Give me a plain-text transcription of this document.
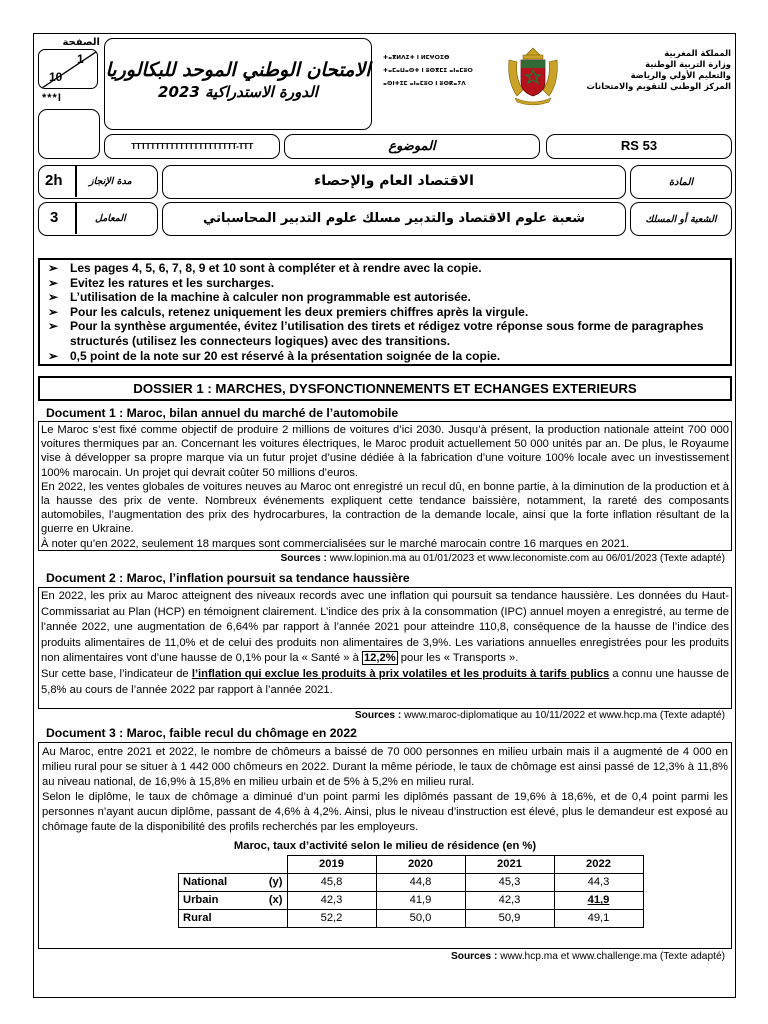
الصفحة
1
10
***I
الامتحان الوطني الموحد للبكالوريا
الدورة الاستدراكية 2023
ⵜⴰⴳⵍⴷⵉⵜ ⵏ ⵍⵎⵖⵔⵉⴱ
ⵜⴰⵎⴰⵡⴰⵙⵜ ⵏ ⵓⵙⴳⵎⵉ ⴰⵏⴰⵎⵓⵔ
ⴰⵙⵏⵜⵉⵎ ⴰⵏⴰⵎⵓⵔ ⵏ ⵓⵙⴽⴰⵢⴷ
المملكة المغربية
وزارة التربية الوطنية
والتعليم الأولي والرياضة
المركز الوطني للتقويم والامتحانات
TTTTTTTTTTTTTTTTTTTTTT-TTT	الموضوع	RS 53
2h	مدة الإنجاز	الاقتصاد العام والإحصاء	المادة
3	المعامل	شعبة علوم الاقتصاد والتدبير مسلك علوم التدبير المحاسباتي	الشعبة أو المسلك
➢ Les pages 4, 5, 6, 7, 8, 9 et 10 sont à compléter et à rendre avec la copie.
➢ Evitez les ratures et les surcharges.
➢ L’utilisation de la machine à calculer non programmable est autorisée.
➢ Pour les calculs, retenez uniquement les deux premiers chiffres après la virgule.
➢ Pour la synthèse argumentée, évitez l’utilisation des tirets et rédigez votre réponse sous forme de paragraphes structurés (utilisez les connecteurs logiques) avec des transitions.
➢ 0,5 point de la note sur 20 est réservé à la présentation soignée de la copie.
DOSSIER 1 : MARCHES, DYSFONCTIONNEMENTS ET ECHANGES EXTERIEURS
Document 1 : Maroc, bilan annuel du marché de l’automobile
Le Maroc s’est fixé comme objectif de produire 2 millions de voitures d’ici 2030. Jusqu’à présent, la production nationale atteint 700 000 voitures thermiques par an. Concernant les voitures électriques, le Maroc produit actuellement 50 000 unités par an. De plus, le Royaume vise à développer sa propre marque via un futur projet d’usine dédiée à la fabrication d’une voiture 100% locale avec un investissement 100% marocain. Un projet qui devrait coûter 50 millions d’euros.
En 2022, les ventes globales de voitures neuves au Maroc ont enregistré un recul dû, en bonne partie, à la diminution de la production et à la hausse des prix de vente. Nombreux événements expliquent cette tendance baissière, notamment, la rareté des composants automobiles, l’augmentation des prix des hydrocarbures, la contraction de la demande locale, ainsi que la forte inflation résultant de la guerre en Ukraine.
À noter qu’en 2022, seulement 18 marques sont commercialisées sur le marché marocain contre 16 marques en 2021.
Sources : www.lopinion.ma au 01/01/2023 et www.leconomiste.com au 06/01/2023 (Texte adapté)
Document 2 : Maroc, l’inflation poursuit sa tendance haussière
En 2022, les prix au Maroc atteignent des niveaux records avec une inflation qui poursuit sa tendance haussière. Les données du Haut-Commissariat au Plan (HCP) en témoignent clairement. L’indice des prix à la consommation (IPC) annuel moyen a enregistré, au terme de l’année 2022, une augmentation de 6,64% par rapport à l’année 2021 pour atteindre 110,8, conséquence de la hausse de l’indice des produits alimentaires de 11,0% et de celui des produits non alimentaires de 3,9%. Les variations annuelles enregistrées pour les produits non alimentaires vont d’une hausse de 0,1% pour la « Santé » à 12,2% pour les « Transports ».
Sur cette base, l’indicateur de l’inflation qui exclue les produits à prix volatiles et les produits à tarifs publics a connu une hausse de 5,8% au cours de l’année 2022 par rapport à l’année 2021.
Sources : www.maroc-diplomatique au 10/11/2022 et www.hcp.ma (Texte adapté)
Document 3 : Maroc, faible recul du chômage en 2022
Au Maroc, entre 2021 et 2022, le nombre de chômeurs a baissé de 70 000 personnes en milieu urbain mais il a augmenté de 4 000 en milieu rural pour se situer à 1 442 000 chômeurs en 2022. Durant la même période, le taux de chômage est ainsi passé de 12,3% à 11,8% au niveau national, de 16,9% à 15,8% en milieu urbain et de 5% à 5,2% en milieu rural.
Selon le diplôme, le taux de chômage a diminué d’un point parmi les diplômés passant de 19,6% à 18,6%, et de 0,4 point parmi les personnes n’ayant aucun diplôme, passant de 4,6% à 4,2%. Ainsi, plus le niveau d’instruction est élevé, plus le demandeur est exposé au chômage faute de la disponibilité des profils recherchés par les employeurs.
Maroc, taux d’activité selon le milieu de résidence (en %)
	2019	2020	2021	2022
National (y)	45,8	44,8	45,3	44,3
Urbain (x)	42,3	41,9	42,3	41,9
Rural	52,2	50,0	50,9	49,1
Sources : www.hcp.ma et www.challenge.ma (Texte adapté)
